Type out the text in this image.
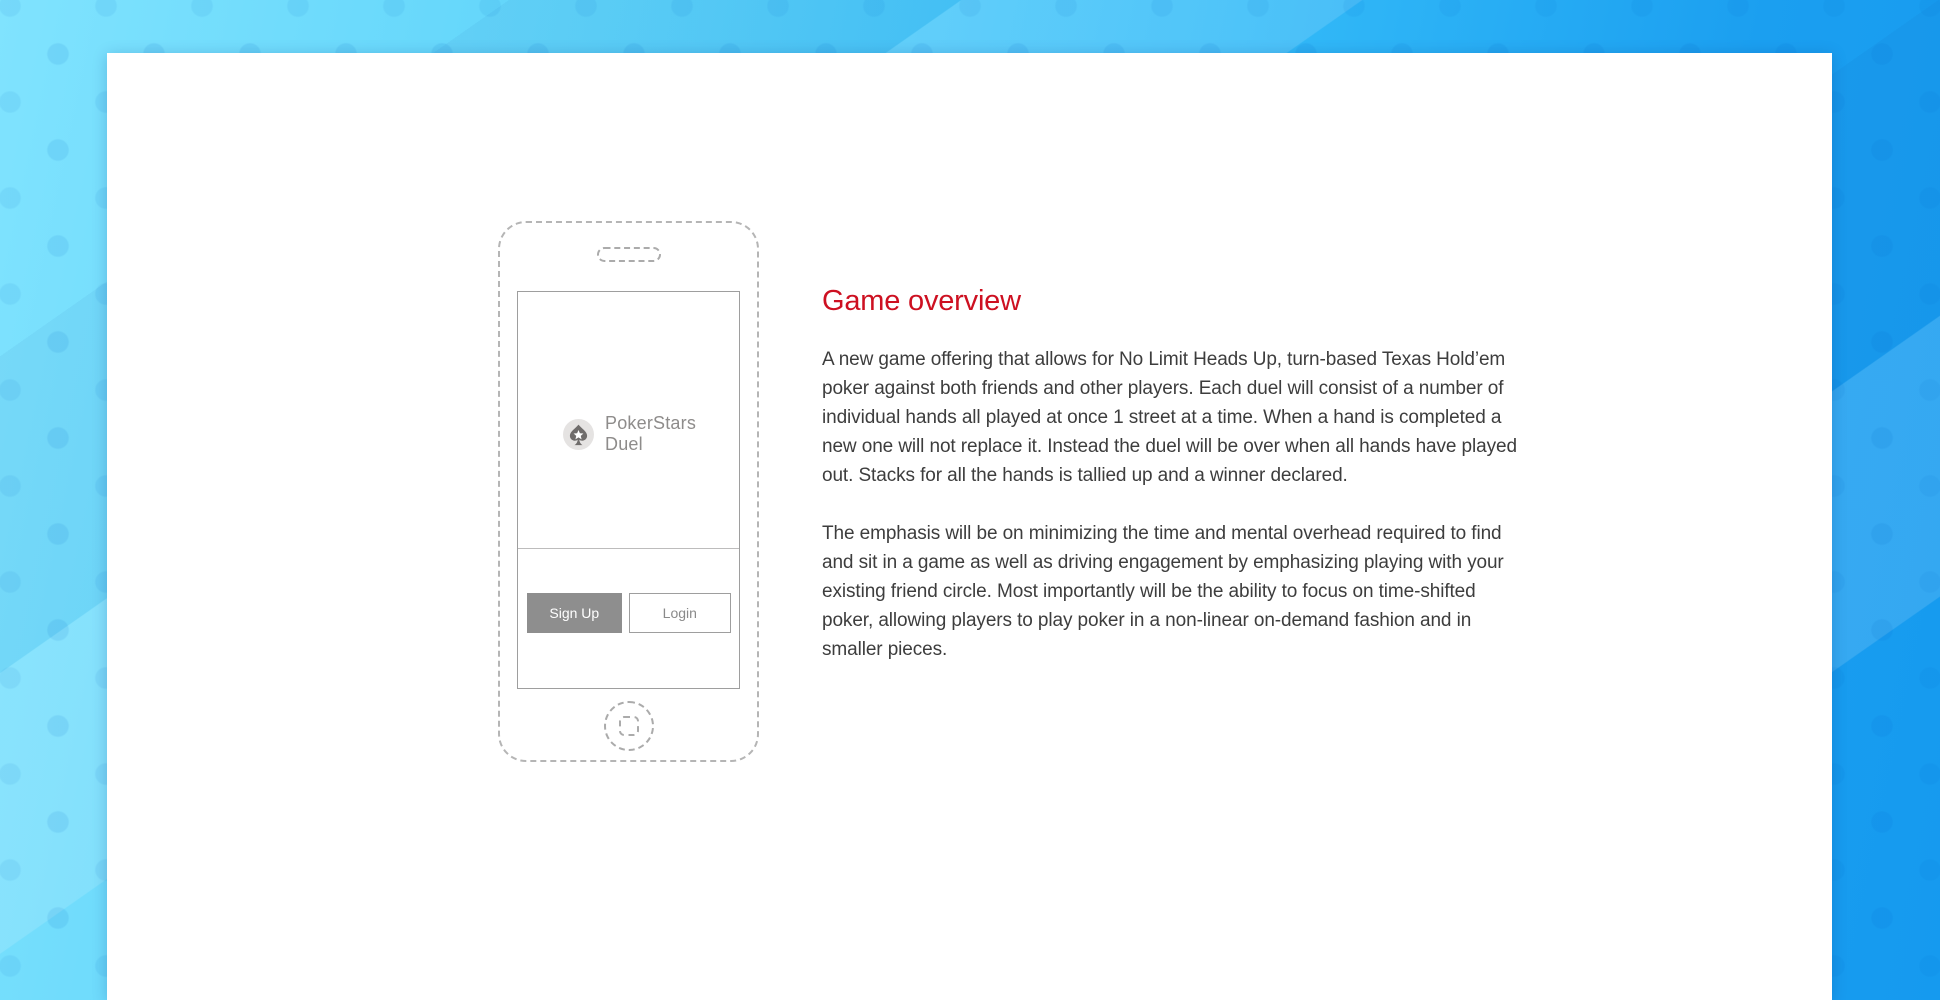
PokerStars
Duel
Sign Up	Login
Game overview

A new game offering that allows for No Limit Heads Up, turn-based Texas Hold’em poker against both friends and other players. Each duel will consist of a number of individual hands all played at once 1 street at a time. When a hand is completed a new one will not replace it. Instead the duel will be over when all hands have played out. Stacks for all the hands is tallied up and a winner declared.

The emphasis will be on minimizing the time and mental overhead required to find and sit in a game as well as driving engagement by emphasizing playing with your existing friend circle. Most importantly will be the ability to focus on time-shifted poker, allowing players to play poker in a non-linear on-demand fashion and in smaller pieces.
